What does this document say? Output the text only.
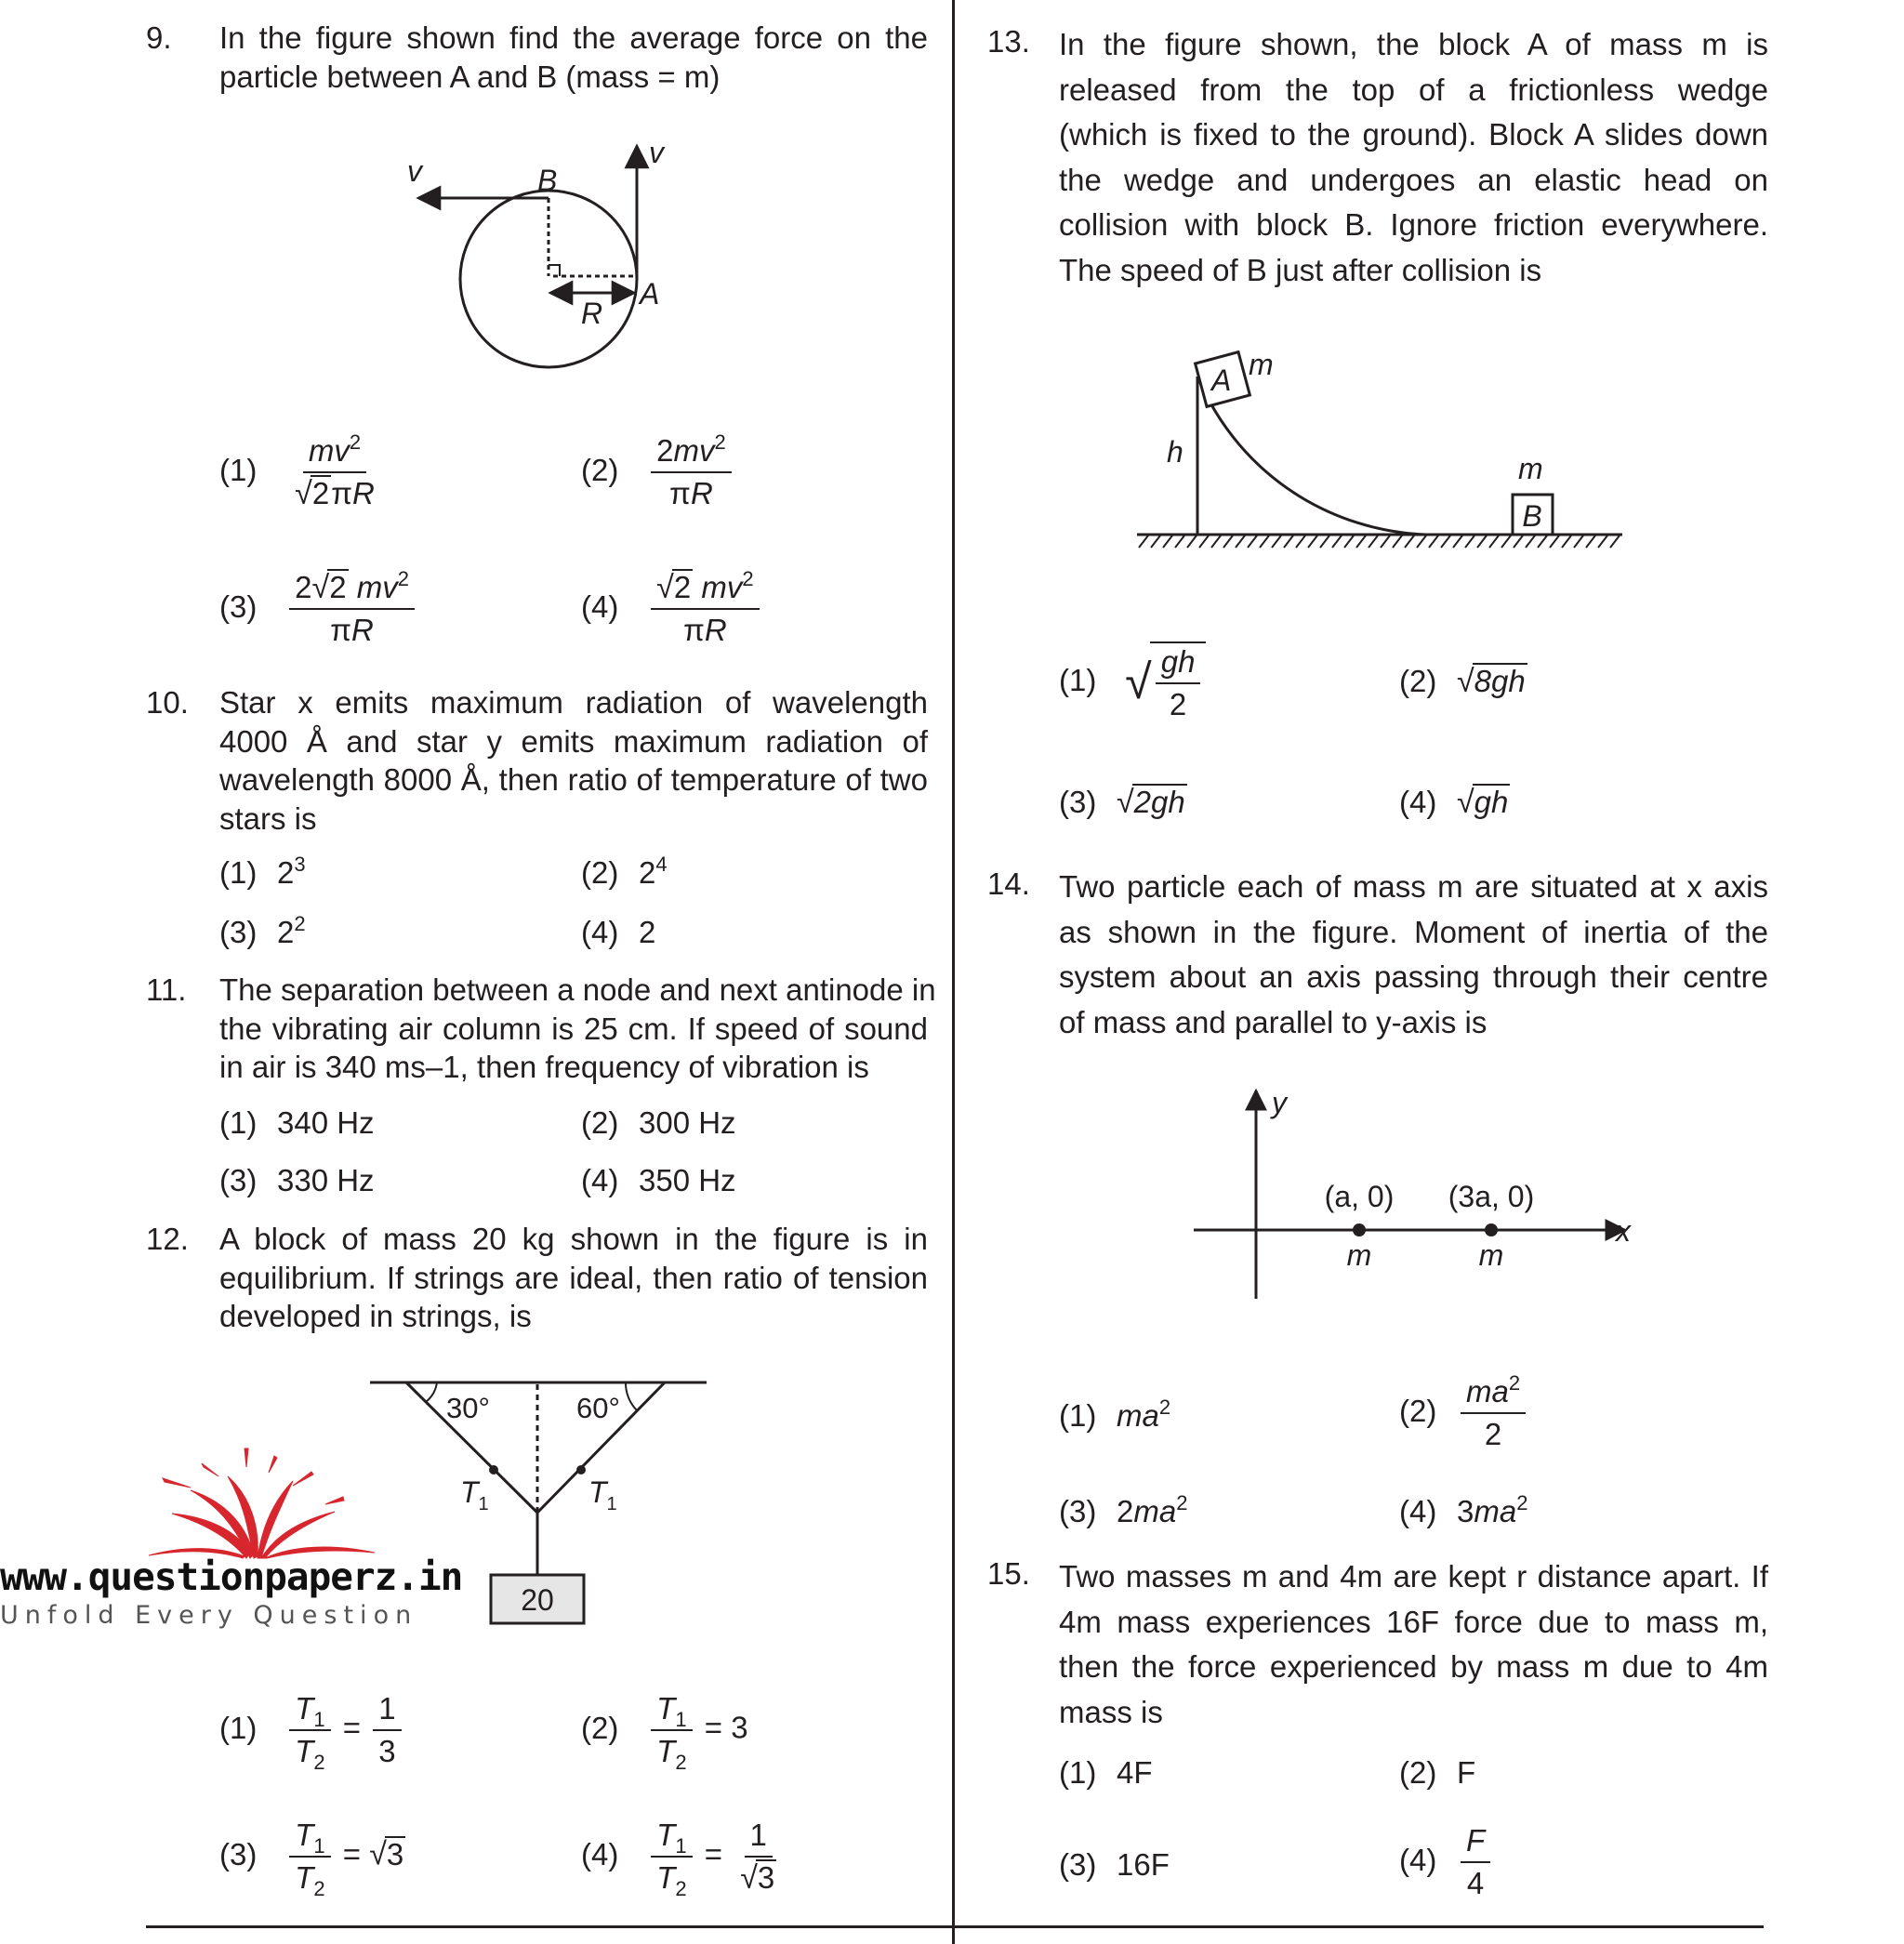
9. In the figure shown find the average force on the
particle between A and B (mass = m)
v
v
B
A
R
$(1) \frac{mv^2}{√2\pi R}$	$(2) \frac{2mv^2}{\pi R}$
$(3) \frac{2√2 mv^2}{\pi R}$	$(4) \frac{√2 mv^2}{\pi R}$
10. Star x emits maximum radiation of wavelength
4000 Å and star y emits maximum radiation of
wavelength 8000 Å, then ratio of temperature of two
stars is
(1) $2^3$	(2) $2^4$
(3) $2^2$	(4) 2
11. The separation between a node and next antinode in
the vibrating air column is 25 cm. If speed of sound
in air is 340 ms–1, then frequency of vibration is
(1) 340 Hz	(2) 300 Hz
(3) 330 Hz	(4) 350 Hz
12. A block of mass 20 kg shown in the figure is in
equilibrium. If strings are ideal, then ratio of tension
developed in strings, is
30°	60°
$T_1$	$T_1$
20
www.questionpaperz.in
Unfold Every Question
$(1) \frac{T_1}{T_2} = \frac{1}{3}$	$(2) \frac{T_1}{T_2} = 3$
$(3) \frac{T_1}{T_2} = √3$	$(4) \frac{T_1}{T_2} = \frac{1}{√3}$
13. In the figure shown, the block A of mass m is
released from the top of a frictionless wedge
(which is fixed to the ground). Block A slides down
the wedge and undergoes an elastic head on
collision with block B. Ignore friction everywhere.
The speed of B just after collision is
A m
h	m
B
(1) √ $\frac{gh}{2}$	(2) √8gh
(3) √2gh	(4) √gh
14. Two particle each of mass m are situated at x axis
as shown in the figure. Moment of inertia of the
system about an axis passing through their centre
of mass and parallel to y-axis is
y
x
(a, 0) (3a, 0)
m	m
(1) $ma^2$	$(2) \frac{ma^2}{2}$
(3) $2ma^2$	(4) $3ma^2$
15. Two masses m and 4m are kept r distance apart. If
4m mass experiences 16F force due to mass m,
then the force experienced by mass m due to 4m
mass is
(1) 4F	(2) F
(3) 16F	$(4) \frac{F}{4}$
